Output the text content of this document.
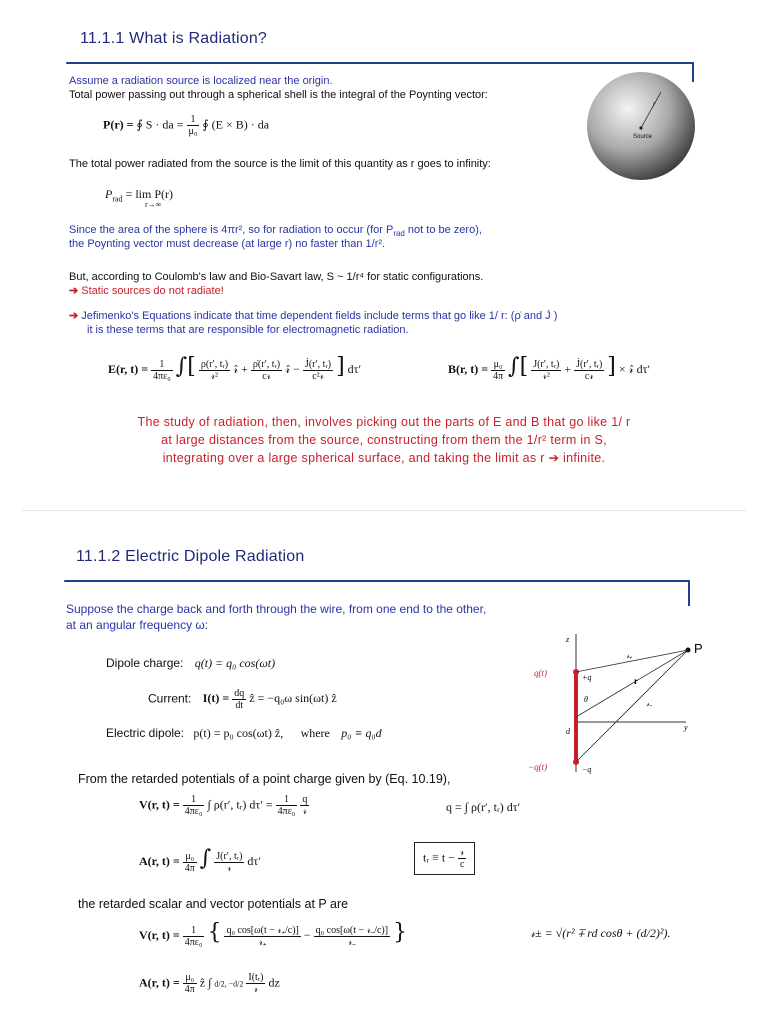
11.1.1 What is Radiation?
Assume a radiation source is localized near the origin.
Total power passing out through a spherical shell is the integral of the Poynting vector:
P(r) = ∮ S · da = $\frac{1}{\text{μ₀}}$ ∮ (E × B) · da
Source
r
The total power radiated from the source is the limit of this quantity as r goes to infinity:
$P_{rad} = \lim P(r)$
r→∞
Since the area of the sphere is 4πr², so for radiation to occur (for $P_{rad}$ not to be zero),
the Poynting vector must decrease (at large r) no faster than 1/r².
But, according to Coulomb's law and Bio-Savart law, S ~ 1/r⁴ for static configurations.
➔ Static sources do not radiate!
➔ Jefimenko's Equations indicate that time dependent fields include terms that go like 1/ r: (ρ̇ and J̇ )
it is these terms that are responsible for electromagnetic radiation.
E(r, $t) = \frac{1}{\text{4πε₀}}$ ∫[ $\frac{\text{ρ(r′, tᵣ)}}{\text{𝓇²}}$ 𝓇̂ + $\frac{\text{ρ̇(r′, tᵣ)}}{\text{c𝓇}}$ 𝓇̂ − $\frac{\text{J̇(r′, tᵣ)}}{\text{c²𝓇}}$ ] dτ′	B(r, $t) = \frac{\text{μ₀}}{4\pi}$ ∫[ $\frac{\text{J(r′, tᵣ)}}{\text{𝓇²}} + \frac{\text{J̇(r′, tᵣ)}}{\text{c𝓇}}$ ] × 𝓇̂ dτ′
The study of radiation, then, involves picking out the parts of E and B that go like 1/ r
at large distances from the source, constructing from them the 1/r² term in S,
integrating over a large spherical surface, and taking the limit as r ➔ infinite.
11.1.2 Electric Dipole Radiation
Suppose the charge back and forth through the wire, from one end to the other,
at an angular frequency ω:
Dipole charge: q(t) = q₀ cos(ωt)
Current: $I(t) = \frac{dq}{dt}$ ẑ = −q₀ω sin(ωt) ẑ
Electric dipole: p(t) = p₀ cos(ωt) ẑ, where p₀ ≡ q₀d
z
y
P
q(t)	+q
−q(t)	−q
𝓇₊
r
𝓇₋
θ
d
From the retarded potentials of a point charge given by (Eq. 10.19),
V(r, $t) = \frac{1}{\text{4πε₀}}$ ∫ ρ(r′, tᵣ) $d\tau' = \frac{1}{\text{4πε₀}}$
$\frac{q}{\text{𝓇}}$	q = ∫ ρ(r′, tᵣ) dτ′
A(r, $t) = \frac{\text{μ₀}}{4\pi}$ ∫ $\frac{\text{J(r′, tᵣ)}}{\text{𝓇}} d\tau'$	tᵣ ≡ $t - \frac{\text{𝓇}}{c}$
the retarded scalar and vector potentials at P are
V(r, $t) = \frac{1}{\text{4πε₀}}$ { $\frac{\text{q₀ cos[ω(t − 𝓇₊/c)]}}{\text{𝓇₊}} - \frac{\text{q₀ cos[ω(t − 𝓇₋/c)]}}{\text{𝓇₋}}$ }	𝓇± = √(r² ∓ rd cosθ + (d/2)²).
A(r, $t) = \frac{\text{μ₀}}{4\pi}$ ẑ ∫ d/2, $-d/2 \frac{\text{I(tᵣ)}}{\text{𝓇}}$ dz
